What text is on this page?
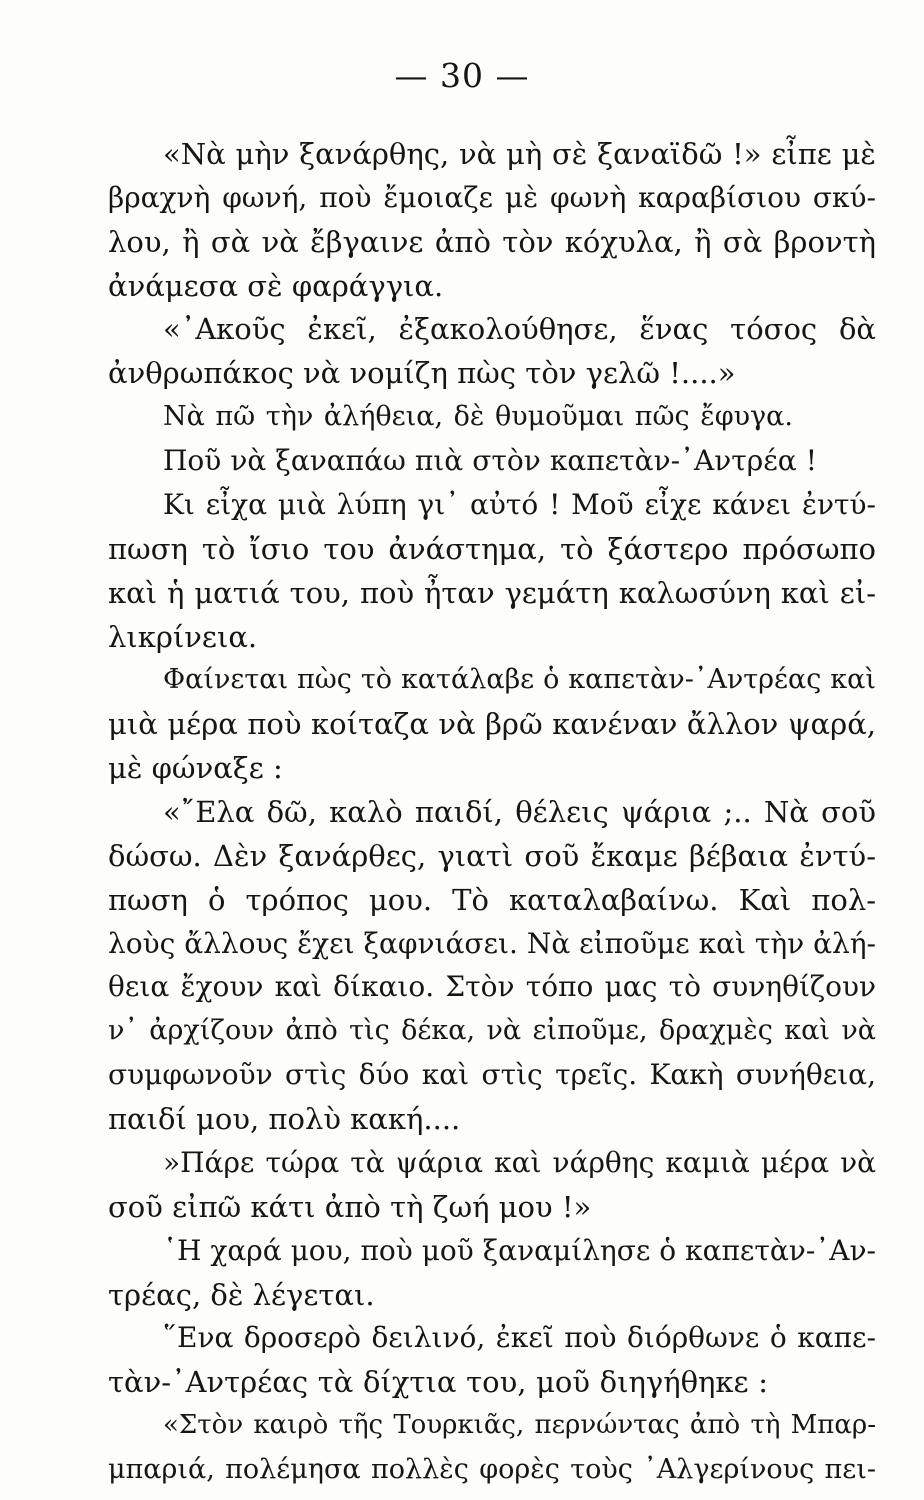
— 30 —
«Νὰ μὴν ξανάρθης, νὰ μὴ σὲ ξαναϊδῶ !» εἶπε μὲ
βραχνὴ φωνή, ποὺ ἔμοιαζε μὲ φωνὴ καραβίσιου σκύ-
λου, ἢ σὰ νὰ ἔβγαινε ἀπὸ τὸν κόχυλα, ἢ σὰ βροντὴ
ἀνάμεσα σὲ φαράγγια.
«᾽Ακοῦς ἐκεῖ, ἐξακολούθησε, ἕνας τόσος δὰ
ἀνθρωπάκος νὰ νομίζη πὼς τὸν γελῶ !....»
Νὰ πῶ τὴν ἀλήθεια, δὲ θυμοῦμαι πῶς ἔφυγα.
Ποῦ νὰ ξαναπάω πιὰ στὸν καπετὰν-᾽Αντρέα !
Κι εἶχα μιὰ λύπη γι᾽ αὐτό ! Μοῦ εἶχε κάνει ἐντύ-
πωση τὸ ἴσιο του ἀνάστημα, τὸ ξάστερο πρόσωπο
καὶ ἡ ματιά του, ποὺ ἦταν γεμάτη καλωσύνη καὶ εἰ-
λικρίνεια.
Φαίνεται πὼς τὸ κατάλαβε ὁ καπετὰν-᾽Αντρέας καὶ
μιὰ μέρα ποὺ κοίταζα νὰ βρῶ κανέναν ἄλλον ψαρά,
μὲ φώναξε :
«῎Ελα δῶ, καλὸ παιδί, θέλεις ψάρια ;.. Νὰ σοῦ
δώσω. Δὲν ξανάρθες, γιατὶ σοῦ ἔκαμε βέβαια ἐντύ-
πωση ὁ τρόπος μου. Τὸ καταλαβαίνω. Καὶ πολ-
λοὺς ἄλλους ἔχει ξαφνιάσει. Νὰ εἰποῦμε καὶ τὴν ἀλή-
θεια ἔχουν καὶ δίκαιο. Στὸν τόπο μας τὸ συνηθίζουν
ν᾽ ἀρχίζουν ἀπὸ τὶς δέκα, νὰ εἰποῦμε, δραχμὲς καὶ νὰ
συμφωνοῦν στὶς δύο καὶ στὶς τρεῖς. Κακὴ συνήθεια,
παιδί μου, πολὺ κακή....
»Πάρε τώρα τὰ ψάρια καὶ νάρθης καμιὰ μέρα νὰ
σοῦ εἰπῶ κάτι ἀπὸ τὴ ζωή μου !»
῾Η χαρά μου, ποὺ μοῦ ξαναμίλησε ὁ καπετὰν-᾽Αν-
τρέας, δὲ λέγεται.
῞Ενα δροσερὸ δειλινό, ἐκεῖ ποὺ διόρθωνε ὁ καπε-
τὰν-᾽Αντρέας τὰ δίχτια του, μοῦ διηγήθηκε :
«Στὸν καιρὸ τῆς Τουρκιᾶς, περνώντας ἀπὸ τὴ Μπαρ-
μπαριά, πολέμησα πολλὲς φορὲς τοὺς ᾽Αλγερίνους πει-
